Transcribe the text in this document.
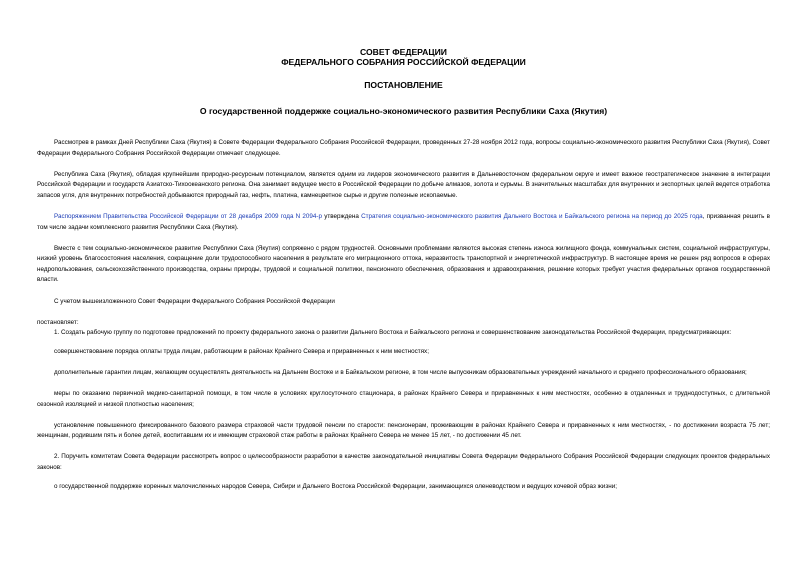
СОВЕТ ФЕДЕРАЦИИ
ФЕДЕРАЛЬНОГО СОБРАНИЯ РОССИЙСКОЙ ФЕДЕРАЦИИ
ПОСТАНОВЛЕНИЕ
О государственной поддержке социально-экономического развития Республики Саха (Якутия)

Рассмотрев в рамках Дней Республики Саха (Якутия) в Совете Федерации Федерального Собрания Российской Федерации, проведенных 27-28 ноября 2012 года, вопросы социально-экономического развития Республики Саха (Якутия), Совет Федерации Федерального Собрания Российской Федерации отмечает следующее.

Республика Саха (Якутия), обладая крупнейшим природно-ресурсным потенциалом, является одним из лидеров экономического развития в Дальневосточном федеральном округе и имеет важное геостратегическое значение в интеграции Российской Федерации и государств Азиатско-Тихоокеанского региона. Она занимает ведущее место в Российской Федерации по добыче алмазов, золота и сурьмы. В значительных масштабах для внутренних и экспортных целей ведется отработка запасов угля, для внутренних потребностей добываются природный газ, нефть, платина, камнецветное сырье и другие полезные ископаемые.

Распоряжением Правительства Российской Федерации от 28 декабря 2009 года N 2094-р утверждена Стратегия социально-экономического развития Дальнего Востока и Байкальского региона на период до 2025 года, призванная решить в том числе задачи комплексного развития Республики Саха (Якутия).

Вместе с тем социально-экономическое развитие Республики Саха (Якутия) сопряжено с рядом трудностей. Основными проблемами являются высокая степень износа жилищного фонда, коммунальных систем, социальной инфраструктуры, низкий уровень благосостояния населения, сокращение доли трудоспособного населения в результате его миграционного оттока, неразвитость транспортной и энергетической инфраструктур. В настоящее время не решен ряд вопросов в сферах недропользования, сельскохозяйственного производства, охраны природы, трудовой и социальной политики, пенсионного обеспечения, образования и здравоохранения, решение которых требует участия федеральных органов государственной власти.

С учетом вышеизложенного Совет Федерации Федерального Собрания Российской Федерации

постановляет:

1. Создать рабочую группу по подготовке предложений по проекту федерального закона о развитии Дальнего Востока и Байкальского региона и совершенствование законодательства Российской Федерации, предусматривающих:

совершенствование порядка оплаты труда лицам, работающим в районах Крайнего Севера и приравненных к ним местностях;

дополнительные гарантии лицам, желающим осуществлять деятельность на Дальнем Востоке и в Байкальском регионе, в том числе выпускникам образовательных учреждений начального и среднего профессионального образования;

меры по оказанию первичной медико-санитарной помощи, в том числе в условиях круглосуточного стационара, в районах Крайнего Севера и приравненных к ним местностях, особенно в отдаленных и труднодоступных, с длительной сезонной изоляцией и низкой плотностью населения;

установление повышенного фиксированного базового размера страховой части трудовой пенсии по старости: пенсионерам, проживающим в районах Крайнего Севера и приравненных к ним местностях, - по достижении возраста 75 лет; женщинам, родившим пять и более детей, воспитавшим их и имеющим страховой стаж работы в районах Крайнего Севера не менее 15 лет, - по достижении 45 лет.

2. Поручить комитетам Совета Федерации рассмотреть вопрос о целесообразности разработки в качестве законодательной инициативы Совета Федерации Федерального Собрания Российской Федерации следующих проектов федеральных законов:

о государственной поддержке коренных малочисленных народов Севера, Сибири и Дальнего Востока Российской Федерации, занимающихся оленеводством и ведущих кочевой образ жизни;
